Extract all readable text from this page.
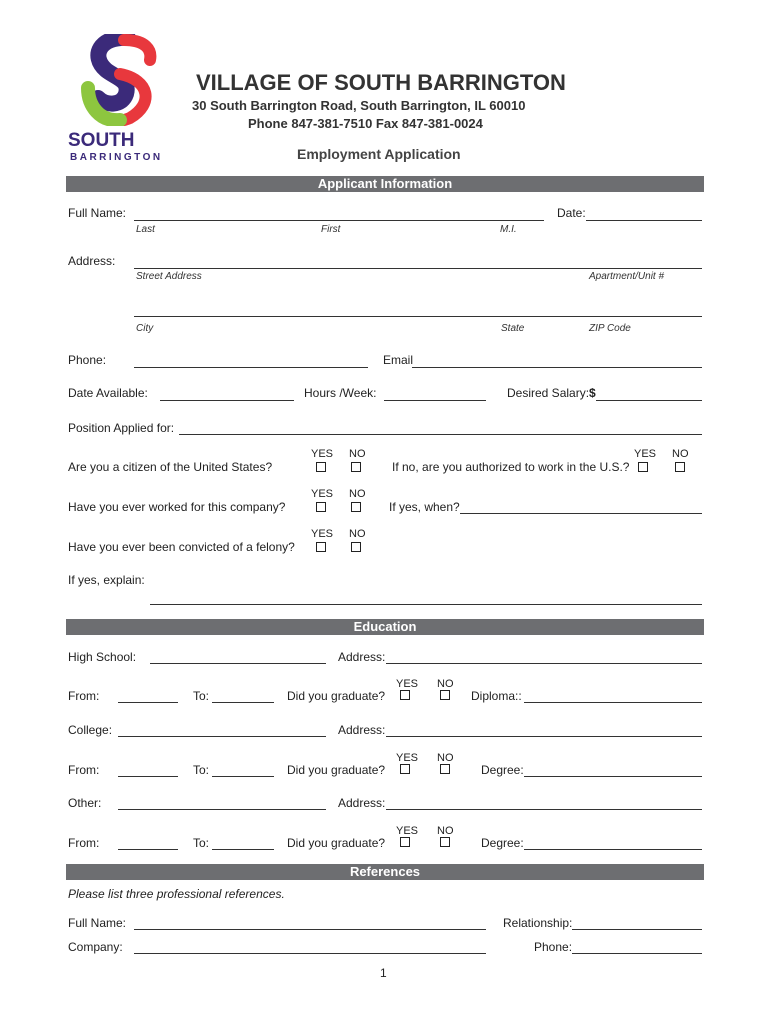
SOUTH
BARRINGTON
VILLAGE OF SOUTH BARRINGTON
30 South Barrington Road, South Barrington, IL 60010
Phone 847-381-7510 Fax 847-381-0024
Employment Application
Applicant Information
Full Name:	Date:
Last	First	M.I.
Address:
Street Address	Apartment/Unit #
City	State	ZIP Code
Phone:	Email
Date Available:	Hours /Week:	Desired Salary:$
Position Applied for:
YES NO
Are you a citizen of the United States?
YES NO
If no, are you authorized to work in the U.S.?
YES NO
Have you ever worked for this company?	If yes, when?
YES NO
Have you ever been convicted of a felony?
If yes, explain:
Education
High School:	Address:
YES NO
From:	To:	Did you graduate?	Diploma::
College:	Address:
YES NO
From:	To:	Did you graduate?	Degree:
Other:	Address:
YES NO
From:	To:	Did you graduate?	Degree:
References
Please list three professional references.
Full Name:	Relationship:
Company:	Phone:
1
